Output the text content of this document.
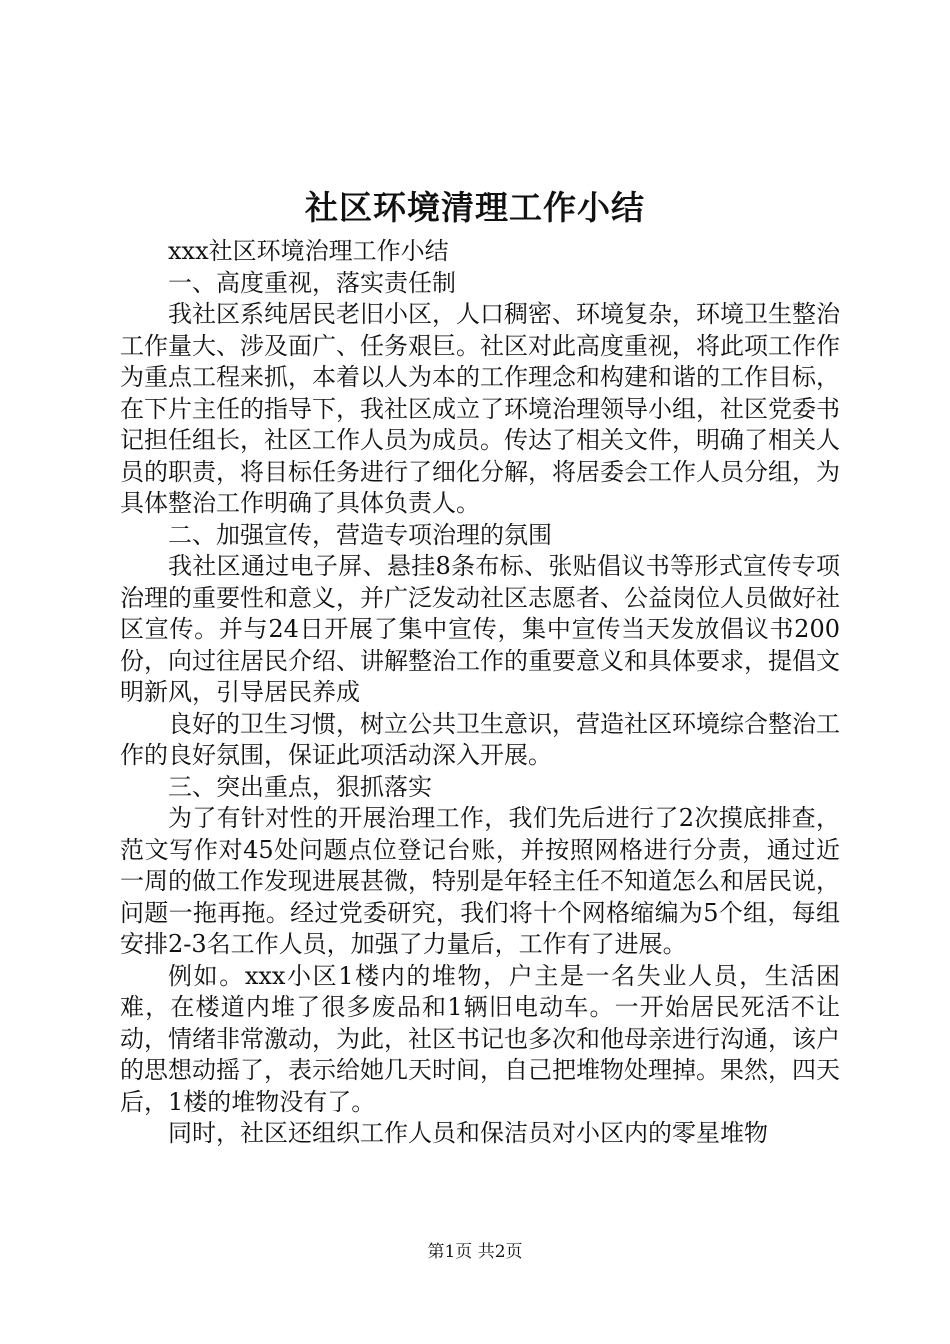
社区环境清理工作小结

xxx社区环境治理工作小结

一、高度重视，落实责任制

我社区系纯居民老旧小区，人口稠密、环境复杂，环境卫生整治工作量大、涉及面广、任务艰巨。社区对此高度重视，将此项工作作为重点工程来抓，本着以人为本的工作理念和构建和谐的工作目标，在下片主任的指导下，我社区成立了环境治理领导小组，社区党委书记担任组长，社区工作人员为成员。传达了相关文件，明确了相关人员的职责，将目标任务进行了细化分解，将居委会工作人员分组，为具体整治工作明确了具体负责人。

二、加强宣传，营造专项治理的氛围

我社区通过电子屏、悬挂8条布标、张贴倡议书等形式宣传专项治理的重要性和意义，并广泛发动社区志愿者、公益岗位人员做好社区宣传。并与24日开展了集中宣传，集中宣传当天发放倡议书200份，向过往居民介绍、讲解整治工作的重要意义和具体要求，提倡文明新风，引导居民养成

良好的卫生习惯，树立公共卫生意识，营造社区环境综合整治工作的良好氛围，保证此项活动深入开展。

三、突出重点，狠抓落实

为了有针对性的开展治理工作，我们先后进行了2次摸底排查，范文写作对45处问题点位登记台账，并按照网格进行分责，通过近一周的做工作发现进展甚微，特别是年轻主任不知道怎么和居民说，问题一拖再拖。经过党委研究，我们将十个网格缩编为5个组，每组安排2-3名工作人员，加强了力量后，工作有了进展。

例如。xxx小区1楼内的堆物，户主是一名失业人员，生活困难，在楼道内堆了很多废品和1辆旧电动车。一开始居民死活不让动，情绪非常激动，为此，社区书记也多次和他母亲进行沟通，该户的思想动摇了，表示给她几天时间，自己把堆物处理掉。果然，四天后，1楼的堆物没有了。

同时，社区还组织工作人员和保洁员对小区内的零星堆物

第1页 共2页
